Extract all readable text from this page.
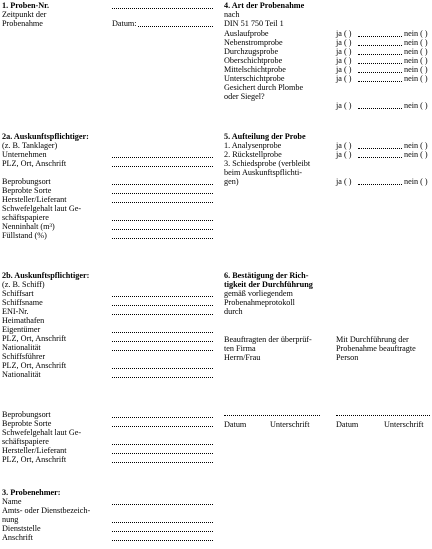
1. Proben-Nr.
Zeitpunkt der
Probenahme	Datum:
2a. Auskunftspflichtiger:
(z. B. Tanklager)
Unternehmen
PLZ, Ort, Anschrift
Beprobungsort
Beprobte Sorte
Hersteller/Lieferant
Schwefelgehalt laut Ge-
schäftspapiere
Nenninhalt (m³)
Füllstand (%)
2b. Auskunftspflichtiger:
(z. B. Schiff)
Schiffsart
Schiffsname
ENI-Nr.
Heimathafen
Eigentümer
PLZ, Ort, Anschrift
Nationalität
Schiffsführer
PLZ, Ort, Anschrift
Nationalität
Beprobungsort
Beprobte Sorte
Schwefelgehalt laut Ge-
schäftspapiere
Hersteller/Lieferant
PLZ, Ort, Anschrift
3. Probenehmer:
Name
Amts- oder Dienstbezeich-
nung
Dienststelle
Anschrift
4. Art der Probenahme
nach
DIN 51 750 Teil 1
Auslaufprobe	ja ( )	nein ( )
Nebenstromprobe	ja ( )	nein ( )
Durchzugsprobe	ja ( )	nein ( )
Oberschichtprobe	ja ( )	nein ( )
Mittelschichtprobe	ja ( )	nein ( )
Unterschichtprobe	ja ( )	nein ( )
Gesichert durch Plombe
oder Siegel?
ja ( )	nein ( )
5. Aufteilung der Probe
1. Analysenprobe	ja ( )	nein ( )
2. Rückstellprobe	ja ( )	nein ( )
3. Schiedsprobe (verbleibt
beim Auskunftspflichti-
gen)	ja ( )	nein ( )
6. Bestätigung der Rich-
tigkeit der Durchführung
gemäß vorliegendem
Probenahmeprotokoll
durch
Beauftragten der überprüf-
ten Firma
Herrn/Frau
Mit Durchführung der
Probenahme beauftragte
Person
Datum	Unterschrift	Datum	Unterschrift
